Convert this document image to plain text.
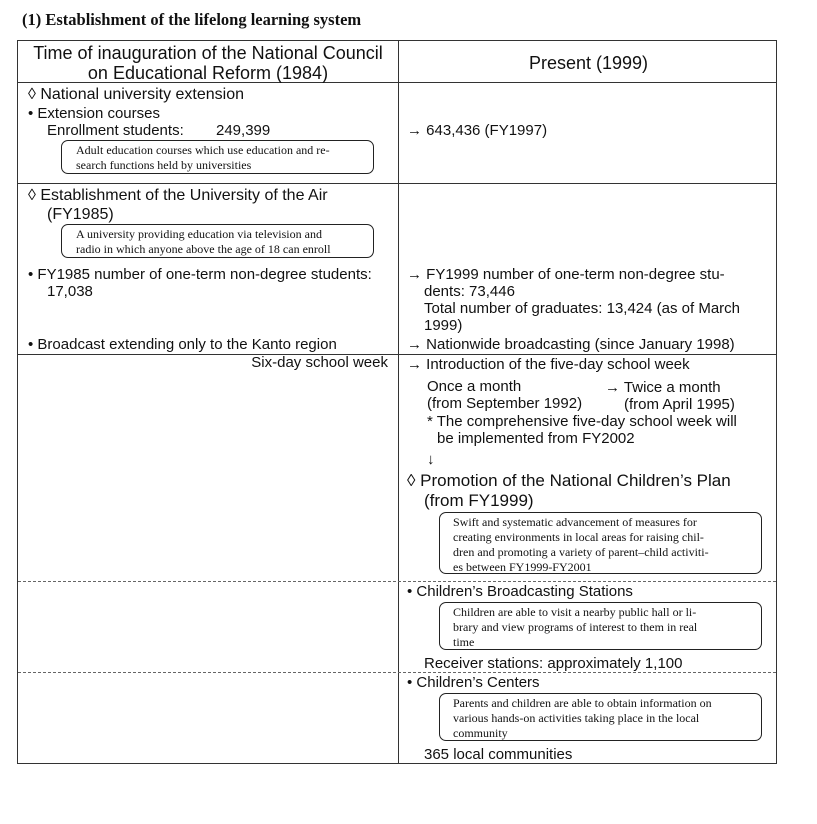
(1) Establishment of the lifelong learning system
Time of inauguration of the National Council
on Educational Reform (1984)	Present (1999)
◊ National university extension
• Extension courses
Enrollment students: 249,399
Adult education courses which use education and re-
search functions held by universities
→ 643,436 (FY1997)
◊ Establishment of the University of the Air
(FY1985)
A university providing education via television and
radio in which anyone above the age of 18 can enroll
• FY1985 number of one-term non-degree students:
17,038
→ FY1999 number of one-term non-degree stu-
dents: 73,446
Total number of graduates: 13,424 (as of March
1999)
• Broadcast extending only to the Kanto region	→ Nationwide broadcasting (since January 1998)
Six-day school week → Introduction of the five-day school week
Once a month
(from September 1992)
→ Twice a month
(from April 1995)
* The comprehensive five-day school week will
be implemented from FY2002
↓
◊ Promotion of the National Children’s Plan
(from FY1999)
Swift and systematic advancement of measures for
creating environments in local areas for raising chil-
dren and promoting a variety of parent–child activiti-
es between FY1999-FY2001
• Children’s Broadcasting Stations
Children are able to visit a nearby public hall or li-
brary and view programs of interest to them in real
time
Receiver stations: approximately 1,100
• Children’s Centers
Parents and children are able to obtain information on
various hands-on activities taking place in the local
community
365 local communities
